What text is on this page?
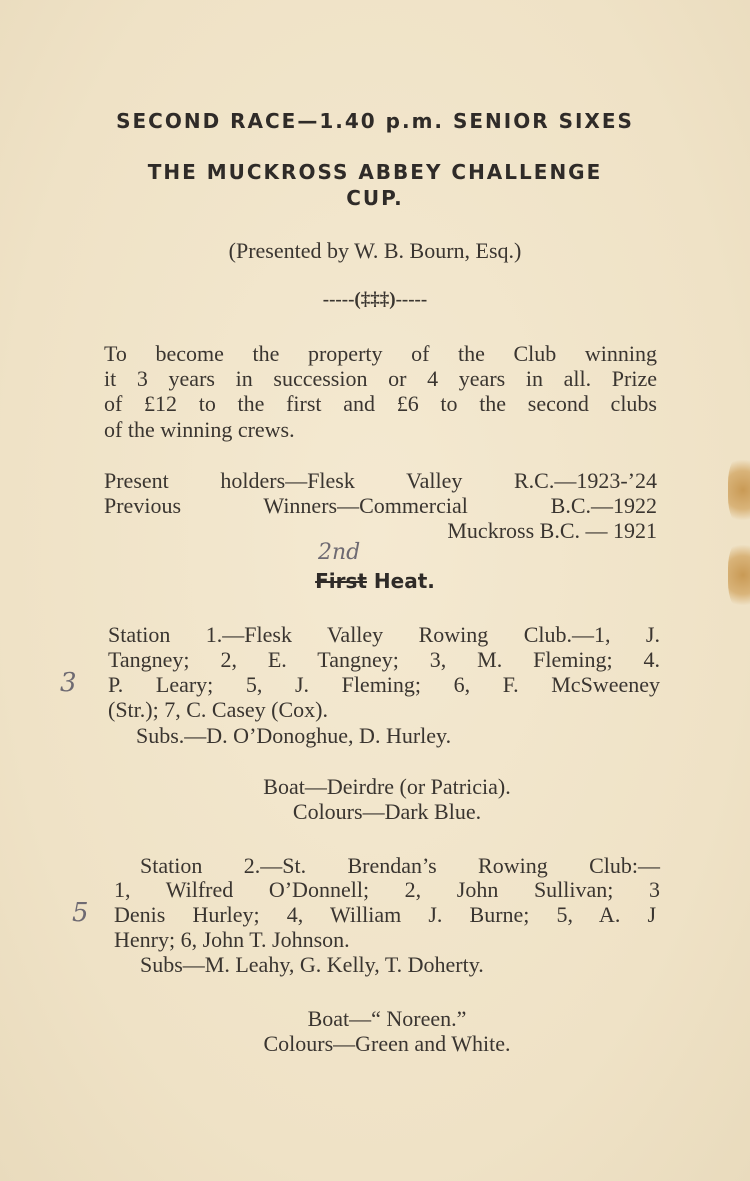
SECOND RACE—1.40 p.m. SENIOR SIXES
THE MUCKROSS ABBEY CHALLENGE
CUP.
(Presented by W. B. Bourn, Esq.)
-----(‡‡‡)-----
To become the property of the Club winning
it 3 years in succession or 4 years in all. Prize
of £12 to the first and £6 to the second clubs
of the winning crews.
Present holders—Flesk Valley R.C.—1923-’24
Previous Winners—Commercial B.C.—1922
Muckross B.C. — 1921
2nd
First Heat.
Station 1.—Flesk Valley Rowing Club.—1, J.
Tangney; 2, E. Tangney; 3, M. Fleming; 4.
P. Leary; 5, J. Fleming; 6, F. McSweeney
(Str.); 7, C. Casey (Cox).
Subs.—D. O’Donoghue, D. Hurley.
Boat—Deirdre (or Patricia).
Colours—Dark Blue.
Station 2.—St. Brendan’s Rowing Club:—
1, Wilfred O’Donnell; 2, John Sullivan; 3
Denis Hurley; 4, William J. Burne; 5, A. J
Henry; 6, John T. Johnson.
Subs—M. Leahy, G. Kelly, T. Doherty.
Boat—“ Noreen.”
Colours—Green and White.
3
5
